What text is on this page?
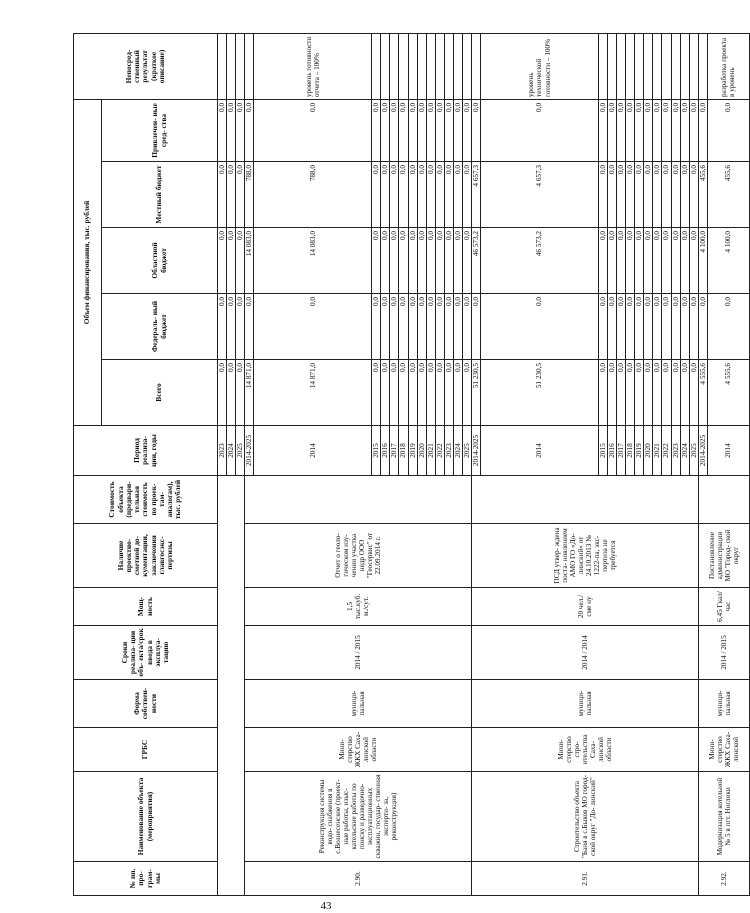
43
№ пп. про- грам- мы	Наименование объекта (мероприятия)	ГРБС	Форма собствен- ности	Сроки реализа- ции объ- екта/срок ввода в эксплуа- тацию	Мощ- ность	Наличие проектно- сметной до- кументации, заключения главгосэкс- пертизы	Стоимость объекта (предвари- тельная стоимость по проек- там- аналогам), тыс. рублей	Период реализа- ции, годы	Объем финансирования, тыс. рублей					Непосред- ственный результат (краткое описание)
									Всего	Федераль- ный бюджет	Областной бюджет	Местный бюджет	Привлечен- ные сред- ства	
								2023	0,0	0,0	0,0	0,0	0,0	
								2024	0,0	0,0	0,0	0,0	0,0	
								2025	0,0	0,0	0,0	0,0	0,0	
2.90.	Реконструкция системы водо- снабжения в с.Вознесенское (проект- ные работы, изыс- кательские работы по поиску и разведочно- эксплуатационных скважин, государ- ственная эксперти- за, реконструкция)	Мини- стерство ЖКХ Саха- линской области	муници- пальная	2014 / 2015	1,5 тыс.куб. м./сут.	Отчет о геоло- гическом изу- чении участка недр ООО "Геосервис" от 22.09.2014 г.		2014-2025	14 871,0	0,0	14 083,0	788,0	0,0	
								2014	14 871,0	0,0	14 083,0	788,0	0,0	уровень готовности отчета – 100%
								2015	0,0	0,0	0,0	0,0	0,0	
								2016	0,0	0,0	0,0	0,0	0,0	
								2017	0,0	0,0	0,0	0,0	0,0	
								2018	0,0	0,0	0,0	0,0	0,0	
								2019	0,0	0,0	0,0	0,0	0,0	
								2020	0,0	0,0	0,0	0,0	0,0	
								2021	0,0	0,0	0,0	0,0	0,0	
								2022	0,0	0,0	0,0	0,0	0,0	
								2023	0,0	0,0	0,0	0,0	0,0	
								2024	0,0	0,0	0,0	0,0	0,0	
								2025	0,0	0,0	0,0	0,0	0,0	
2.91.	Строительство объекта "Баня в с.Быков МО город- ской округ "До- линский"	Мини- стерство стро- ительства Саха- линской области	муници- пальная	2014 / 2014	20 чел./сме ну	ПСД утвер- ждена поста- новлением АМО ГО «До- линский» от 24.10.2013 № 1222-па, экс- пертиза не требуется		2014-2025	51 230,5	0,0	46 573,2	4 657,3	0,0	
								2014	51 230,5	0,0	46 573,2	4 657,3	0,0	уровень технической готовности – 100%
								2015	0,0	0,0	0,0	0,0	0,0	
								2016	0,0	0,0	0,0	0,0	0,0	
								2017	0,0	0,0	0,0	0,0	0,0	
								2018	0,0	0,0	0,0	0,0	0,0	
								2019	0,0	0,0	0,0	0,0	0,0	
								2020	0,0	0,0	0,0	0,0	0,0	
								2021	0,0	0,0	0,0	0,0	0,0	
								2022	0,0	0,0	0,0	0,0	0,0	
								2023	0,0	0,0	0,0	0,0	0,0	
								2024	0,0	0,0	0,0	0,0	0,0	
								2025	0,0	0,0	0,0	0,0	0,0	
2.92.	Модернизация котельной № 5 в пгт. Ноглики	Мини- стерство ЖКХ Саха- линской	муници- пальная	2014 / 2015	6,45 Гкал/час	Постановление администрации МО "Город- ской округ		2014-2025	4 555,6	0,0	4 100,0	455,6	0,0	
								2014	4 555,6	0,0	4 100,0	455,6	0,0	разработка проекта в уровень
